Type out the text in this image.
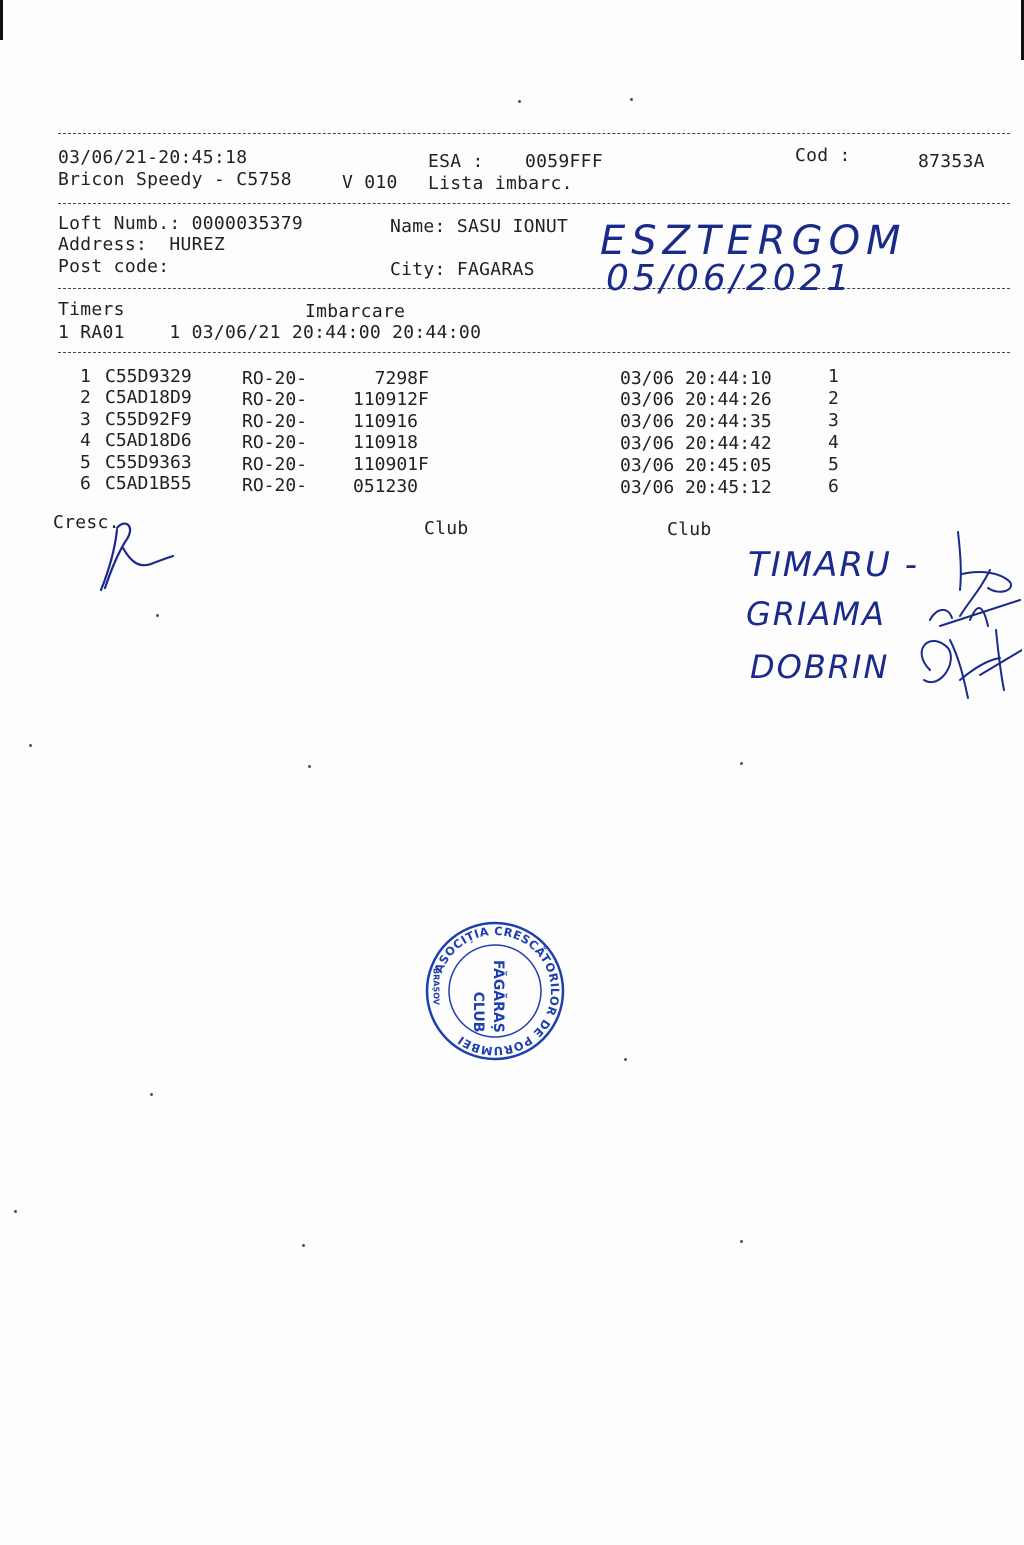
03/06/21-20:45:18	ESA : 0059FFF	Cod :	87353A
Bricon Speedy - C5758	V 010 Lista imbarc.
Loft Numb.: 0000035379	Name: SASU IONUT
Address:  HUREZ
Post code:	City: FAGARAS
ESZTERGOM
05/06/2021
Timers	Imbarcare
1 RA01    1 03/06/21 20:44:00 20:44:00
1 C55D9329	RO-20-	7298F	03/06 20:44:10	1
2 C5AD18D9	RO-20-	110912F	03/06 20:44:26	2
3 C55D92F9	RO-20-	110916	03/06 20:44:35	3
4 C5AD18D6	RO-20-	110918	03/06 20:44:42	4
5 C55D9363	RO-20-	110901F	03/06 20:45:05	5
6 C5AD1B55	RO-20-	051230	03/06 20:45:12	6
Cresc.	Club	Club
TIMARU -
GRIAMA
DOBRIN
ASOCIȚIA CRESCĂTORILOR DE PORUMBEI
BRAȘOV
CLUB FĂGĂRAȘ
